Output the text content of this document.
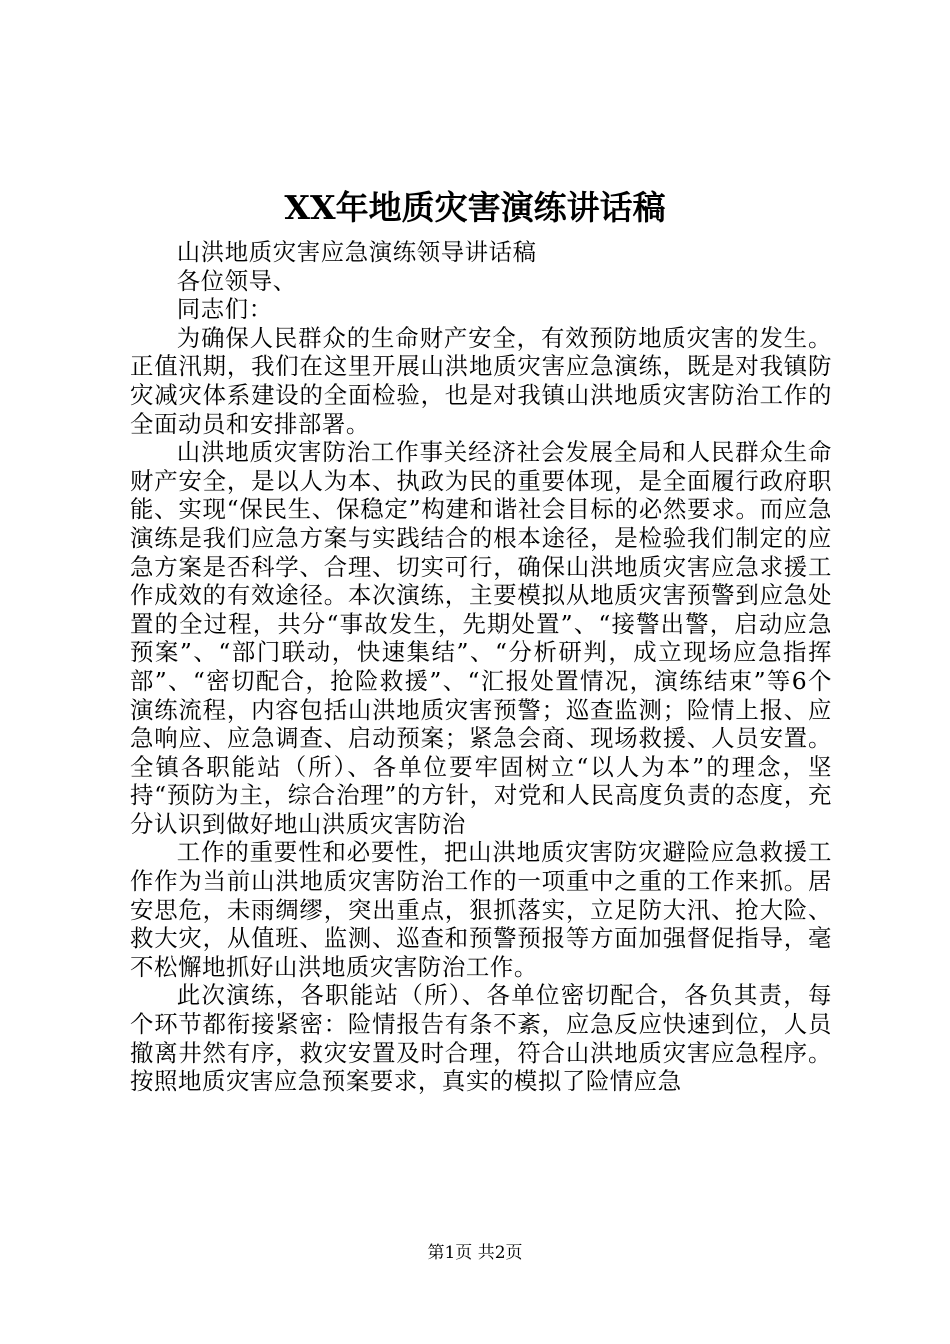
XX年地质灾害演练讲话稿

山洪地质灾害应急演练领导讲话稿

各位领导、

同志们：

为确保人民群众的生命财产安全，有效预防地质灾害的发生。正值汛期，我们在这里开展山洪地质灾害应急演练，既是对我镇防灾减灾体系建设的全面检验，也是对我镇山洪地质灾害防治工作的全面动员和安排部署。

山洪地质灾害防治工作事关经济社会发展全局和人民群众生命财产安全，是以人为本、执政为民的重要体现，是全面履行政府职能、实现“保民生、保稳定”构建和谐社会目标的必然要求。而应急演练是我们应急方案与实践结合的根本途径，是检验我们制定的应急方案是否科学、合理、切实可行，确保山洪地质灾害应急求援工作成效的有效途径。本次演练，主要模拟从地质灾害预警到应急处置的全过程，共分“事故发生，先期处置”、“接警出警，启动应急预案”、“部门联动，快速集结”、“分析研判，成立现场应急指挥部”、“密切配合，抢险救援”、“汇报处置情况，演练结束”等6个演练流程，内容包括山洪地质灾害预警；巡查监测；险情上报、应急响应、应急调查、启动预案；紧急会商、现场救援、人员安置。全镇各职能站（所）、各单位要牢固树立“以人为本”的理念，坚持“预防为主，综合治理”的方针，对党和人民高度负责的态度，充分认识到做好地山洪质灾害防治

工作的重要性和必要性，把山洪地质灾害防灾避险应急救援工作作为当前山洪地质灾害防治工作的一项重中之重的工作来抓。居安思危，未雨绸缪，突出重点，狠抓落实，立足防大汛、抢大险、救大灾，从值班、监测、巡查和预警预报等方面加强督促指导，毫不松懈地抓好山洪地质灾害防治工作。

此次演练，各职能站（所）、各单位密切配合，各负其责，每个环节都衔接紧密：险情报告有条不紊，应急反应快速到位，人员撤离井然有序，救灾安置及时合理，符合山洪地质灾害应急程序。按照地质灾害应急预案要求，真实的模拟了险情应急

第1页 共2页
